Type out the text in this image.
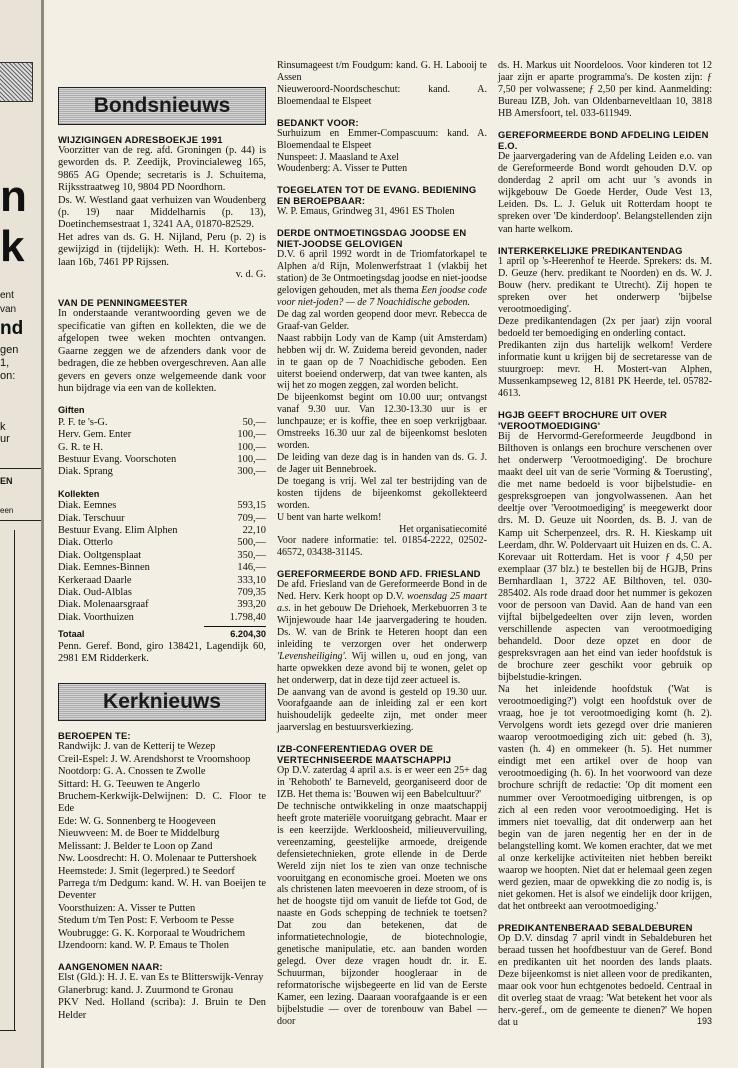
n
k
ent
van
nd
gen
1,
on:
k
ur
EN
een
Bondsnieuws
WIJZIGINGEN ADRESBOEKJE 1991

Voorzitter van de reg. afd. Groningen (p. 44) is geworden ds. P. Zeedijk, Provincialeweg 165, 9865 AG Opende; secretaris is J. Schuitema, Rijksstraatweg 10, 9804 PD Noordhorn.

Ds. W. Westland gaat verhuizen van Woudenberg (p. 19) naar Middelharnis (p. 13), Doetinchemsestraat 1, 3241 AA, 01870-82529.

Het adres van ds. G. H. Nijland, Peru (p. 2) is gewijzigd in (tijdelijk): Weth. H. H. Kortebos-laan 16b, 7461 PP Rijssen.

v. d. G.

VAN DE PENNINGMEESTER

In onderstaande verantwoording geven we de specificatie van giften en kollekten, die we de afgelopen twee weken mochten ontvangen. Gaarne zeggen we de afzenders dank voor de bedragen, die ze hebben overgeschreven. Aan alle gevers en gevers onze welgemeende dank voor hun bijdrage via een van de kollekten.

Giften
P. F. te 's-G.	50,—
Herv. Gem. Enter	100,—
G. R. te H.	100,—
Bestuur Evang. Voorschoten	100,—
Diak. Sprang	300,—
Kollekten
Diak. Eemnes	593,15
Diak. Terschuur	709,—
Bestuur Evang. Elim Alphen	22,10
Diak. Otterlo	500,—
Diak. Ooltgensplaat	350,—
Diak. Eemnes-Binnen	146,—
Kerkeraad Daarle	333,10
Diak. Oud-Alblas	709,35
Diak. Molenaarsgraaf	393,20
Diak. Voorthuizen	1.798,40
Totaal	6.204,30

Penn. Geref. Bond, giro 138421, Lagendijk 60, 2981 EM Ridderkerk.

Kerknieuws
BEROEPEN TE:

Randwijk: J. van de Ketterij te Wezep

Creil-Espel: J. W. Arendshorst te Vroomshoop

Nootdorp: G. A. Cnossen te Zwolle

Sittard: H. G. Teeuwen te Angerlo

Bruchem-Kerkwijk-Delwijnen: D. C. Floor te Ede

Ede: W. G. Sonnenberg te Hoogeveen

Nieuwveen: M. de Boer te Middelburg

Melissant: J. Belder te Loon op Zand

Nw. Loosdrecht: H. O. Molenaar te Puttershoek

Heemstede: J. Smit (legerpred.) te Seedorf

Parrega t/m Dedgum: kand. W. H. van Boeijen te Deventer

Voorsthuizen: A. Visser te Putten

Stedum t/m Ten Post: F. Verboom te Pesse

Woubrugge: G. K. Korporaal te Woudrichem

IJzendoorn: kand. W. P. Emaus te Tholen

AANGENOMEN NAAR:

Elst (Gld.): H. J. E. van Es te Blitterswijk-Venray

Glanerbrug: kand. J. Zuurmond te Gronau

PKV Ned. Holland (scriba): J. Bruin te Den Helder

Rinsumageest t/m Foudgum: kand. G. H. Labooij te Assen

Nieuweroord-Noordscheschut: kand. A. Bloemendaal te Elspeet

BEDANKT VOOR:

Surhuizum en Emmer-Compascuum: kand. A. Bloemendaal te Elspeet

Nunspeet: J. Maasland te Axel

Woudenberg: A. Visser te Putten

TOEGELATEN TOT DE EVANG. BEDIENING EN BEROEPBAAR:

W. P. Emaus, Grindweg 31, 4961 ES Tholen

DERDE ONTMOETINGSDAG JOODSE EN NIET-JOODSE GELOVIGEN

D.V. 6 april 1992 wordt in de Triomfatorkapel te Alphen a/d Rijn, Molenwerfstraat 1 (vlakbij het station) de 3e Ontmoetingsdag joodse en niet-joodse gelovigen gehouden, met als thema Een joodse code voor niet-joden? — de 7 Noachidische geboden.

De dag zal worden geopend door mevr. Rebecca de Graaf-van Gelder.

Naast rabbijn Lody van de Kamp (uit Amsterdam) hebben wij dr. W. Zuidema bereid gevonden, nader in te gaan op de 7 Noachidische geboden. Een uiterst boeiend onderwerp, dat van twee kanten, als wij het zo mogen zeggen, zal worden belicht.

De bijeenkomst begint om 10.00 uur; ontvangst vanaf 9.30 uur. Van 12.30-13.30 uur is er lunchpauze; er is koffie, thee en soep verkrijgbaar. Omstreeks 16.30 uur zal de bijeenkomst besloten worden.

De leiding van deze dag is in handen van ds. G. J. de Jager uit Bennebroek.

De toegang is vrij. Wel zal ter bestrijding van de kosten tijdens de bijeenkomst gekollekteerd worden.

U bent van harte welkom!

Het organisatiecomité

Voor nadere informatie: tel. 01854-2222, 02502-46572, 03438-31145.

GEREFORMEERDE BOND AFD. FRIESLAND

De afd. Friesland van de Gereformeerde Bond in de Ned. Herv. Kerk hoopt op D.V. woensdag 25 maart a.s. in het gebouw De Driehoek, Merkebuorren 3 te Wijnjewoude haar 14e jaarvergadering te houden. Ds. W. van de Brink te Heteren hoopt dan een inleiding te verzorgen over het onderwerp 'Levensheiliging'. Wij willen u, oud en jong, van harte opwekken deze avond bij te wonen, gelet op het onderwerp, dat in deze tijd zeer actueel is.

De aanvang van de avond is gesteld op 19.30 uur. Voorafgaande aan de inleiding zal er een kort huishoudelijk gedeelte zijn, met onder meer jaarverslag en bestuursverkiezing.

IZB-CONFERENTIEDAG OVER DE VERTECHNISEERDE MAATSCHAPPIJ

Op D.V. zaterdag 4 april a.s. is er weer een 25+ dag in 'Rehoboth' te Barneveld, georganiseerd door de IZB. Het thema is: 'Bouwen wij een Babelcultuur?'

De technische ontwikkeling in onze maatschappij heeft grote materiële vooruitgang gebracht. Maar er is een keerzijde. Werkloosheid, milieuvervuiling, vereenzaming, geestelijke armoede, dreigende defensietechnieken, grote ellende in de Derde Wereld zijn niet los te zien van onze technische vooruitgang en economische groei. Moeten we ons als christenen laten meevoeren in deze stroom, of is het de hoogste tijd om vanuit de liefde tot God, de naaste en Gods schepping de techniek te toetsen? Dat zou dan betekenen, dat de informatietechnologie, de biotechnologie, genetische manipulatie, etc. aan banden worden gelegd. Over deze vragen houdt dr. ir. E. Schuurman, bijzonder hoogleraar in de reformatorische wijsbegeerte en lid van de Eerste Kamer, een lezing. Daaraan voorafgaande is er een bijbelstudie — over de torenbouw van Babel — door

ds. H. Markus uit Noordeloos. Voor kinderen tot 12 jaar zijn er aparte programma's. De kosten zijn: ƒ 7,50 per volwassene; ƒ 2,50 per kind. Aanmelding: Bureau IZB, Joh. van Oldenbarneveltlaan 10, 3818 HB Amersfoort, tel. 033-611949.

GEREFORMEERDE BOND AFDELING LEIDEN E.O.

De jaarvergadering van de Afdeling Leiden e.o. van de Gereformeerde Bond wordt gehouden D.V. op donderdag 2 april om acht uur 's avonds in wijkgebouw De Goede Herder, Oude Vest 13, Leiden. Ds. L. J. Geluk uit Rotterdam hoopt te spreken over 'De kinderdoop'. Belangstellenden zijn van harte welkom.

INTERKERKELIJKE PREDIKANTENDAG

1 april op 's-Heerenhof te Heerde. Sprekers: ds. M. D. Geuze (herv. predikant te Noorden) en ds. W. J. Bouw (herv. predikant te Utrecht). Zij hopen te spreken over het onderwerp 'bijbelse verootmoediging'.

Deze predikantendagen (2x per jaar) zijn vooral bedoeld ter bemoediging en onderling contact.

Predikanten zijn dus hartelijk welkom! Verdere informatie kunt u krijgen bij de secretaresse van de stuurgroep: mevr. H. Mostert-van Alphen, Mussenkampseweg 12, 8181 PK Heerde, tel. 05782-4613.

HGJB GEEFT BROCHURE UIT OVER 'VEROOTMOEDIGING'

Bij de Hervormd-Gereformeerde Jeugdbond in Bilthoven is onlangs een brochure verschenen over het onderwerp 'Verootmoediging'. De brochure maakt deel uit van de serie 'Vorming & Toerusting', die met name bedoeld is voor bijbelstudie- en gespreksgroepen van jongvolwassenen. Aan het deeltje over 'Verootmoediging' is meegewerkt door drs. M. D. Geuze uit Noorden, ds. B. J. van de Kamp uit Scherpenzeel, drs. R. H. Kieskamp uit Leerdam, dhr. W. Poldervaart uit Huizen en ds. C. A. Korevaar uit Rotterdam. Het is voor ƒ 4,50 per exemplaar (37 blz.) te bestellen bij de HGJB, Prins Bernhardlaan 1, 3722 AE Bilthoven, tel. 030-285402. Als rode draad door het nummer is gekozen voor de persoon van David. Aan de hand van een vijftal bijbelgedeelten over zijn leven, worden verschillende aspecten van verootmoediging behandeld. Door deze opzet en door de gespreksvragen aan het eind van ieder hoofdstuk is de brochure zeer geschikt voor gebruik op bijbelstudie-kringen.

Na het inleidende hoofdstuk ('Wat is verootmoediging?') volgt een hoofdstuk over de vraag, hoe je tot verootmoediging komt (h. 2). Vervolgens wordt iets gezegd over drie manieren waarop verootmoediging zich uit: gebed (h. 3), vasten (h. 4) en ommekeer (h. 5). Het nummer eindigt met een artikel over de hoop van verootmoediging (h. 6). In het voorwoord van deze brochure schrijft de redactie: 'Op dit moment een nummer over Verootmoediging uitbrengen, is op zich al een reden voor verootmoediging. Het is immers niet toevallig, dat dit onderwerp aan het begin van de jaren negentig her en der in de belangstelling komt. We komen erachter, dat we met al onze kerkelijke activiteiten niet hebben bereikt waarop we hoopten. Niet dat er helemaal geen zegen werd gezien, maar de opwekking die zo nodig is, is niet gekomen. Het is alsof we eindelijk door krijgen, dat het ontbreekt aan verootmoediging.'

PREDIKANTENBERAAD SEBALDEBUREN

Op D.V. dinsdag 7 april vindt in Sebaldeburen het beraad tussen het hoofdbestuur van de Geref. Bond en predikanten uit het noorden des lands plaats. Deze bijeenkomst is niet alleen voor de predikanten, maar ook voor hun echtgenotes bedoeld. Centraal in dit overleg staat de vraag: 'Wat betekent het voor als herv.-geref., om de gemeente te dienen?' We hopen dat u	193
